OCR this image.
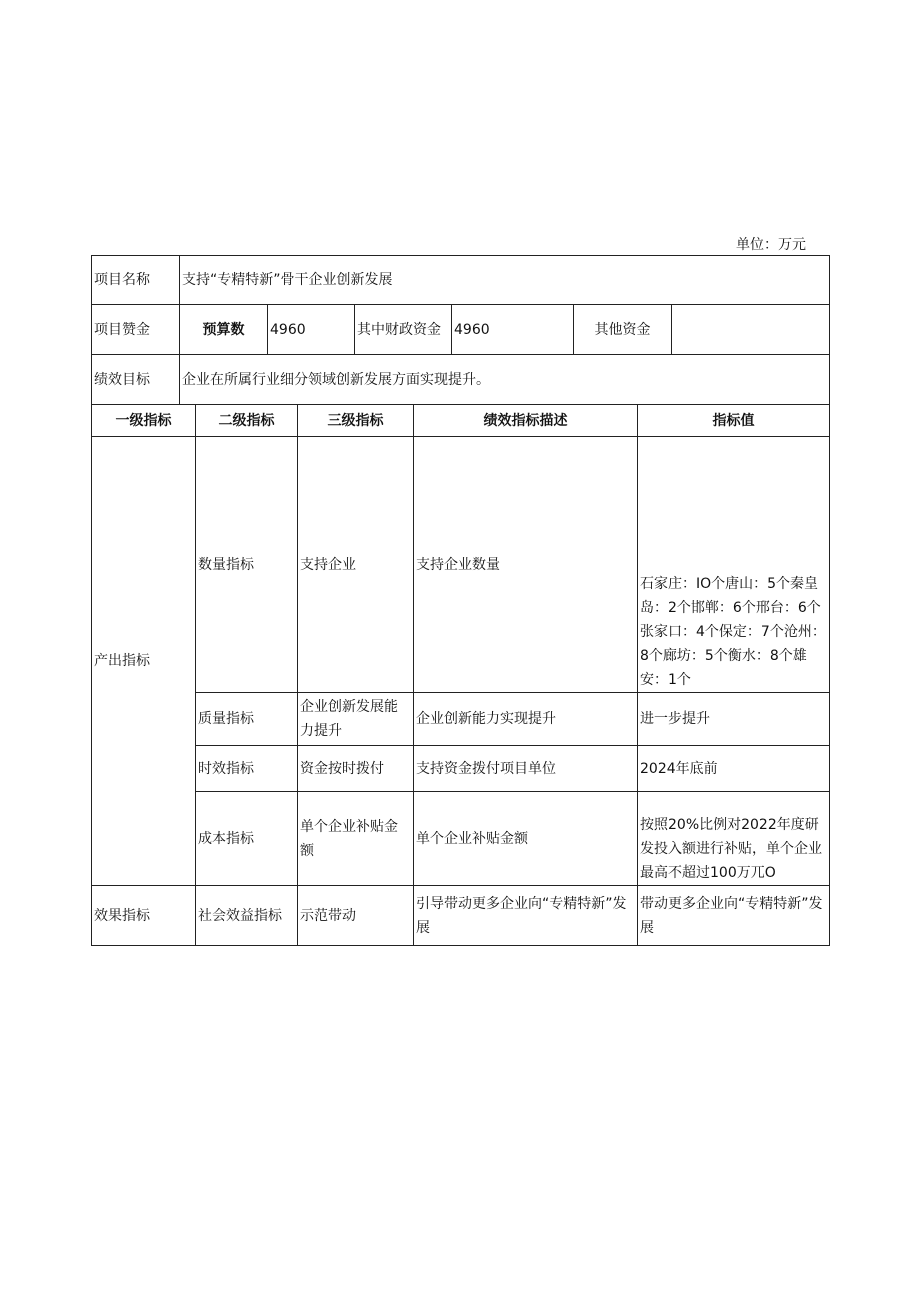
单位：万元
项目名称	支持“专精特新”骨干企业创新发展					
项目赞金	预算数	4960	其中财政资金	4960	其他资金	
绩效目标	企业在所属行业细分领域创新发展方面实现提升。					
一级指标	二级指标	三级指标	绩效指标描述	指标值
产出指标	数量指标	支持企业	支持企业数量	石家庄：IO个唐山：5个秦皇岛：2个邯郸：6个邢台：6个张家口：4个保定：7个沧州：8个廊坊：5个衡水：8个雄安：1个
	质量指标	企业创新发展能力提升	企业创新能力实现提升	进一步提升
	时效指标	资金按时拨付	支持资金拨付项目单位	2024年底前
	成本指标	单个企业补贴金额	单个企业补贴金额	按照20%比例对2022年度研发投入额进行补贴，单个企业最高不超过100万兀O
效果指标	社会效益指标	示范带动	引导带动更多企业向“专精特新”发展	带动更多企业向“专精特新”发展
